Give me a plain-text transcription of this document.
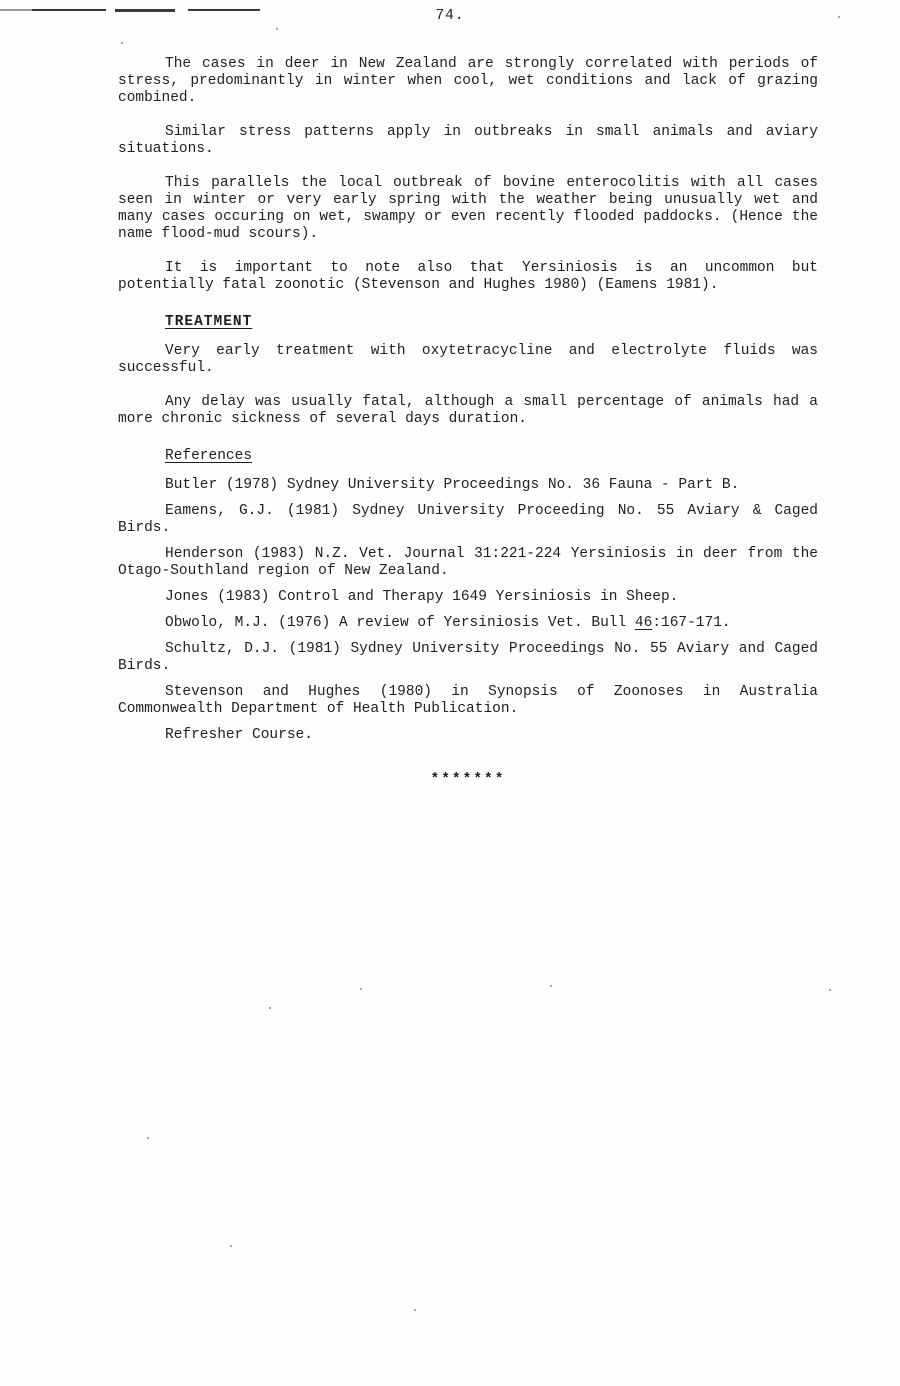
74.

The cases in deer in New Zealand are strongly correlated with periods of stress, predominantly in winter when cool, wet conditions and lack of grazing combined.

Similar stress patterns apply in outbreaks in small animals and aviary situations.

This parallels the local outbreak of bovine enterocolitis with all cases seen in winter or very early spring with the weather being unusually wet and many cases occuring on wet, swampy or even recently flooded paddocks. (Hence the name flood-mud scours).

It is important to note also that Yersiniosis is an uncommon but potentially fatal zoonotic (Stevenson and Hughes 1980) (Eamens 1981).

TREATMENT

Very early treatment with oxytetracycline and electrolyte fluids was successful.

Any delay was usually fatal, although a small percentage of animals had a more chronic sickness of several days duration.

References

Butler (1978) Sydney University Proceedings No. 36 Fauna - Part B.

Eamens, G.J. (1981) Sydney University Proceeding No. 55 Aviary & Caged Birds.

Henderson (1983) N.Z. Vet. Journal 31:221-224 Yersiniosis in deer from the Otago-Southland region of New Zealand.

Jones (1983) Control and Therapy 1649 Yersiniosis in Sheep.

Obwolo, M.J. (1976) A review of Yersiniosis Vet. Bull 46:167-171.

Schultz, D.J. (1981) Sydney University Proceedings No. 55 Aviary and Caged Birds.

Stevenson and Hughes (1980) in Synopsis of Zoonoses in Australia Commonwealth Department of Health Publication.

Refresher Course.

*******
